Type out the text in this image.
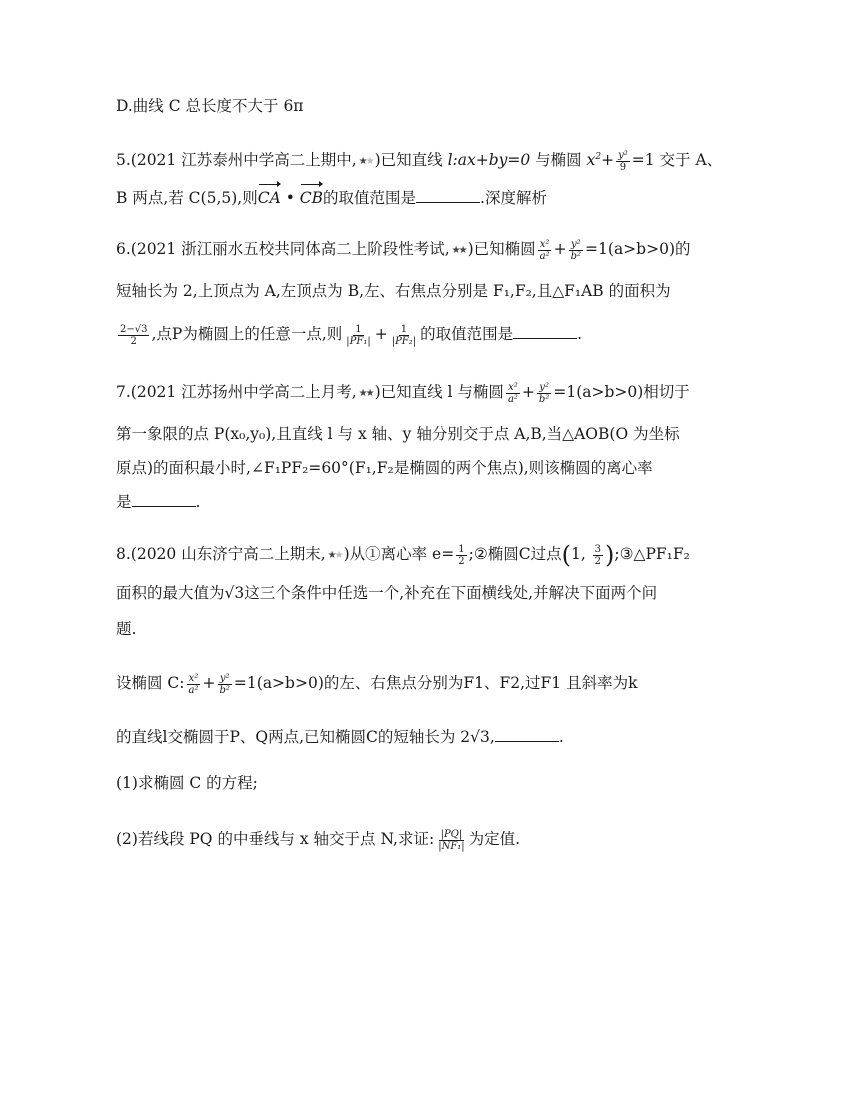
D.曲线 C 总长度不大于 6π
5.(2021 江苏泰州中学高二上期中, ★★ )已知直线 l:ax+by=0 与椭圆 $x^2+ \frac{\text{y²}}{9} =1$ 交于 A、
B 两点,若 C(5,5),则CA • CB的取值范围是	.深度解析
6.(2021 浙江丽水五校共同体高二上阶段性考试, ★★ )已知椭圆 $\frac{\text{x²}}{\text{a²}} + \frac{\text{y²}}{\text{b²}} =1(a>b>0)$的
短轴长为 2,上顶点为 A,左顶点为 B,左、右焦点分别是 F₁,F₂,且△F₁AB 的面积为
$\frac{2-√3}{2}$ ,点P为椭圆上的任意一点,则 $\frac{1}{\text{|PF₁|}} + \frac{1}{\text{|PF₂|}}$ 的取值范围是	.
7.(2021 江苏扬州中学高二上月考, ★★ )已知直线 l 与椭圆 $\frac{\text{x²}}{\text{a²}} + \frac{\text{y²}}{\text{b²}} =1(a>b>0)$相切于
第一象限的点 P(x₀,y₀),且直线 l 与 x 轴、y 轴分别交于点 A,B,当△AOB(O 为坐标
原点)的面积最小时,∠F₁PF₂=60°(F₁,F₂是椭圆的两个焦点),则该椭圆的离心率
是	.
8.(2020 山东济宁高二上期末, ★★ )从①离心率 $e= \frac{1}{2}$ ;②椭圆C过点(1, $\frac{3}{2}$ );③△PF₁F₂
面积的最大值为√3这三个条件中任选一个,补充在下面横线处,并解决下面两个问
题.
设椭圆 C: $\frac{\text{x²}}{\text{a²}} + \frac{\text{y²}}{\text{b²}} =1(a>b>0)$的左、右焦点分别为F1、F2,过F1 且斜率为k
的直线l交椭圆于P、Q两点,已知椭圆C的短轴长为 2√3,	.
(1)求椭圆 C 的方程;
(2)若线段 PQ 的中垂线与 x 轴交于点 N,求证: $\frac{|PQ|}{\text{|NF₁|}}$ 为定值.
